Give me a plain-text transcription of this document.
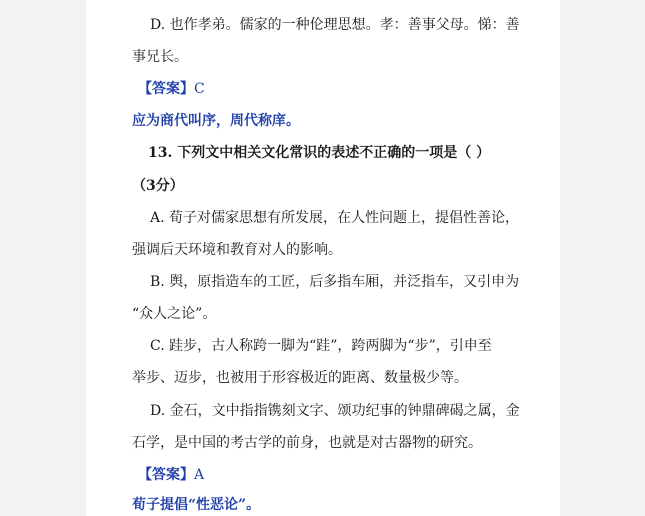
D. 也作孝弟。儒家的一种伦理思想。孝：善事父母。悌：善
事兄长。
【答案】C
应为商代叫序，周代称庠。
13. 下列文中相关文化常识的表述不正确的一项是（ ）
（3分）
A. 荀子对儒家思想有所发展，在人性问题上，提倡性善论，
强调后天环境和教育对人的影响。
B. 舆，原指造车的工匠，后多指车厢，并泛指车，又引申为
“众人之论”。
C. 跬步，古人称跨一脚为“跬”，跨两脚为“步”，引申至
举步、迈步，也被用于形容极近的距离、数量极少等。
D. 金石，文中指指镌刻文字、颂功纪事的钟鼎碑碣之属，金
石学，是中国的考古学的前身，也就是对古器物的研究。
【答案】A
荀子提倡“性恶论”。
